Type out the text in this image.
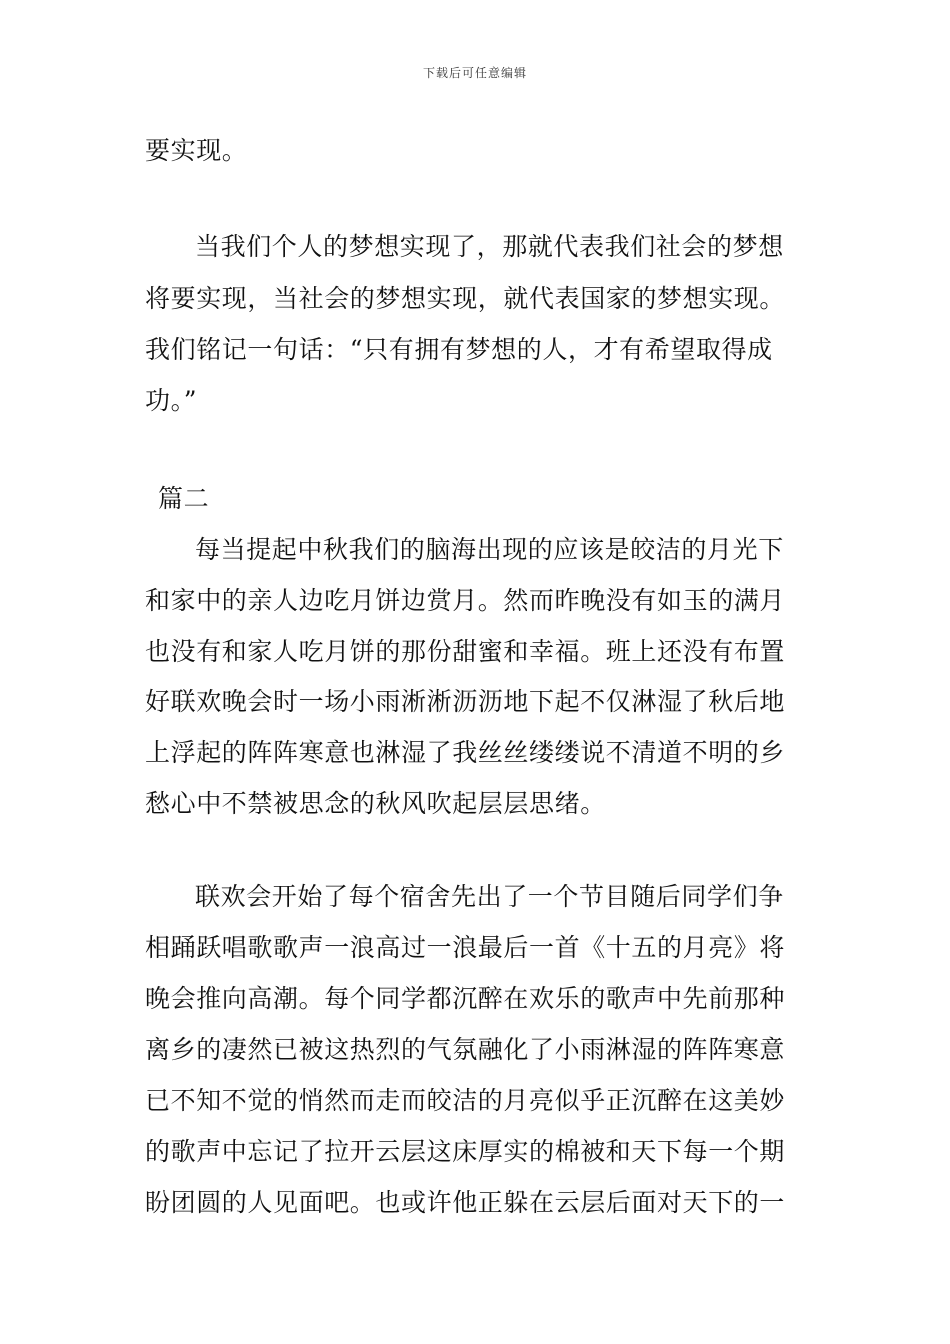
下载后可任意编辑
要实现。
当我们个人的梦想实现了，那就代表我们社会的梦想
将要实现，当社会的梦想实现，就代表国家的梦想实现。
我们铭记一句话：“只有拥有梦想的人，才有希望取得成
功。”
篇二
每当提起中秋我们的脑海出现的应该是皎洁的月光下
和家中的亲人边吃月饼边赏月。然而昨晚没有如玉的满月
也没有和家人吃月饼的那份甜蜜和幸福。班上还没有布置
好联欢晚会时一场小雨淅淅沥沥地下起不仅淋湿了秋后地
上浮起的阵阵寒意也淋湿了我丝丝缕缕说不清道不明的乡
愁心中不禁被思念的秋风吹起层层思绪。
联欢会开始了每个宿舍先出了一个节目随后同学们争
相踊跃唱歌歌声一浪高过一浪最后一首《十五的月亮》将
晚会推向高潮。每个同学都沉醉在欢乐的歌声中先前那种
离乡的凄然已被这热烈的气氛融化了小雨淋湿的阵阵寒意
已不知不觉的悄然而走而皎洁的月亮似乎正沉醉在这美妙
的歌声中忘记了拉开云层这床厚实的棉被和天下每一个期
盼团圆的人见面吧。也或许他正躲在云层后面对天下的一
